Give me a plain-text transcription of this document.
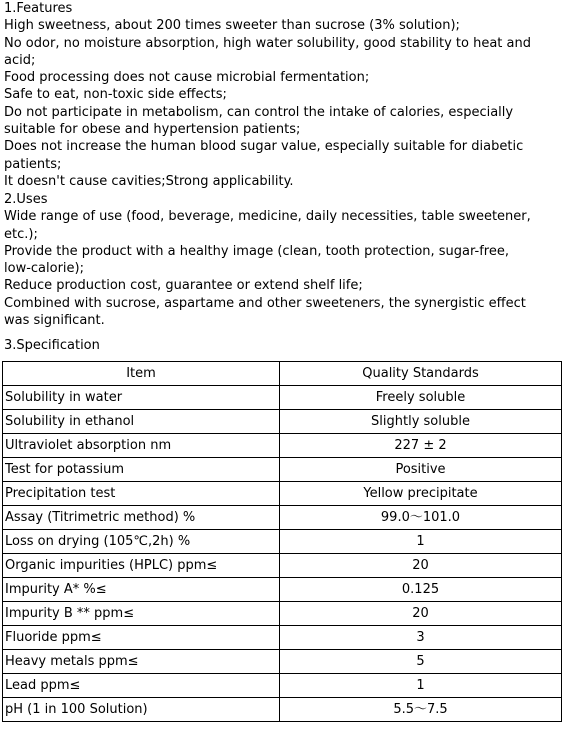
1.Features
High sweetness, about 200 times sweeter than sucrose (3% solution);
No odor, no moisture absorption, high water solubility, good stability to heat and
acid;
Food processing does not cause microbial fermentation;
Safe to eat, non-toxic side effects;
Do not participate in metabolism, can control the intake of calories, especially
suitable for obese and hypertension patients;
Does not increase the human blood sugar value, especially suitable for diabetic
patients;
It doesn't cause cavities;Strong applicability.
2.Uses
Wide range of use (food, beverage, medicine, daily necessities, table sweetener,
etc.);
Provide the product with a healthy image (clean, tooth protection, sugar-free,
low-calorie);
Reduce production cost, guarantee or extend shelf life;
Combined with sucrose, aspartame and other sweeteners, the synergistic effect
was significant.
3.Specification
Item	Quality Standards
Solubility in water	Freely soluble
Solubility in ethanol	Slightly soluble
Ultraviolet absorption nm	227 ± 2
Test for potassium	Positive
Precipitation test	Yellow precipitate
Assay (Titrimetric method) %	99.0～101.0
Loss on drying (105℃,2h) %	1
Organic impurities (HPLC) ppm≤	20
Impurity A* %≤	0.125
Impurity B ** ppm≤	20
Fluoride ppm≤	3
Heavy metals ppm≤	5
Lead ppm≤	1
pH (1 in 100 Solution)	5.5～7.5
